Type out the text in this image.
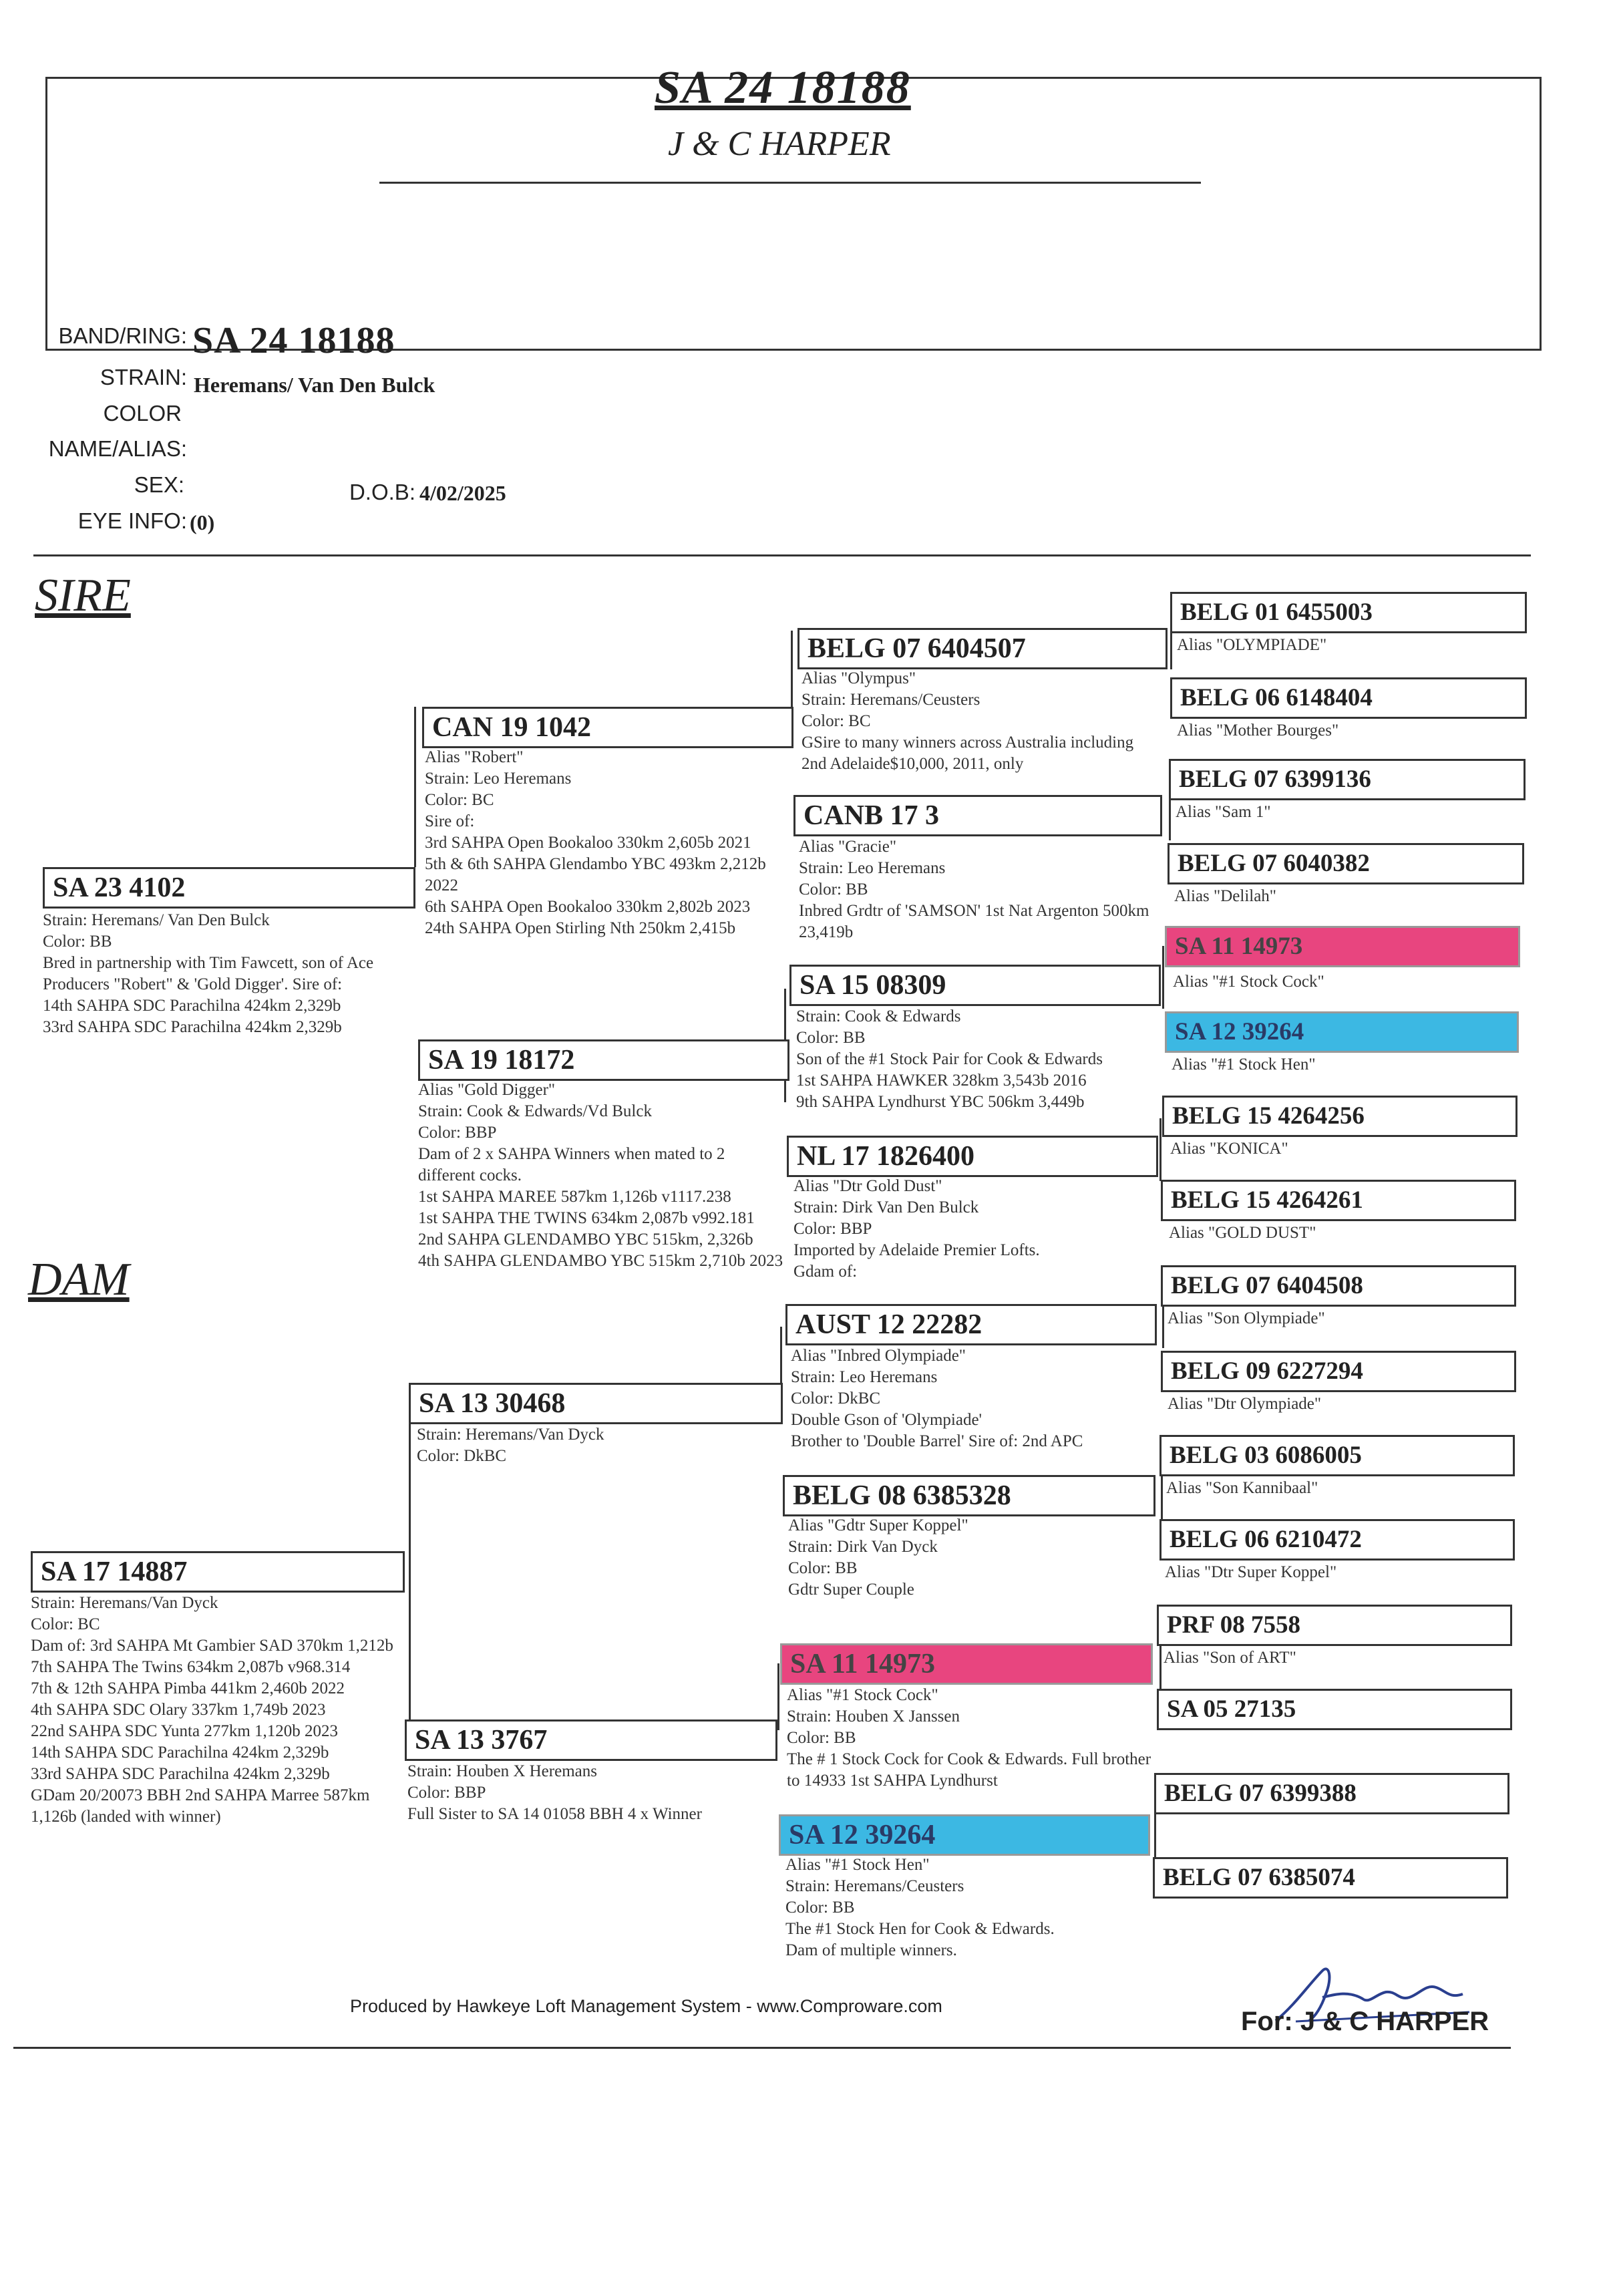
SA 24 18188
J & C HARPER
BAND/RING: SA 24 18188
STRAIN: Heremans/ Van Den Bulck
COLOR
NAME/ALIAS:
SEX:	D.O.B: 4/02/2025
EYE INFO: (0)
SIRE
DAM
SA 23 4102
Strain: Heremans/ Van Den Bulck
Color: BB
Bred in partnership with Tim Fawcett, son of Ace Producers "Robert" & 'Gold Digger'. Sire of:
14th SAHPA SDC Parachilna 424km 2,329b
33rd SAHPA SDC Parachilna 424km 2,329b
SA 17 14887
Strain: Heremans/Van Dyck
Color: BC
Dam of: 3rd SAHPA Mt Gambier SAD 370km 1,212b
7th SAHPA The Twins 634km 2,087b v968.314
7th & 12th SAHPA Pimba 441km 2,460b 2022
4th SAHPA SDC Olary 337km 1,749b 2023
22nd SAHPA SDC Yunta 277km 1,120b 2023
14th SAHPA SDC Parachilna 424km 2,329b
33rd SAHPA SDC Parachilna 424km 2,329b
GDam 20/20073 BBH 2nd SAHPA Marree 587km 1,126b (landed with winner)
CAN 19 1042
Alias "Robert"
Strain: Leo Heremans
Color: BC
Sire of:
3rd SAHPA Open Bookaloo 330km 2,605b 2021
5th & 6th SAHPA Glendambo YBC 493km 2,212b 2022
6th SAHPA Open Bookaloo 330km 2,802b 2023
24th SAHPA Open Stirling Nth 250km 2,415b
SA 19 18172
Alias "Gold Digger"
Strain: Cook & Edwards/Vd Bulck
Color: BBP
Dam of 2 x SAHPA Winners when mated to 2 different cocks.
1st SAHPA MAREE 587km 1,126b v1117.238
1st SAHPA THE TWINS 634km 2,087b v992.181
2nd SAHPA GLENDAMBO YBC 515km, 2,326b
4th SAHPA GLENDAMBO YBC 515km 2,710b 2023
SA 13 30468
Strain: Heremans/Van Dyck
Color: DkBC
SA 13 3767
Strain: Houben X Heremans
Color: BBP
Full Sister to SA 14 01058 BBH 4 x Winner
BELG 07 6404507
Alias "Olympus"
Strain: Heremans/Ceusters
Color: BC
GSire to many winners across Australia including 2nd Adelaide$10,000, 2011, only
CANB 17 3
Alias "Gracie"
Strain: Leo Heremans
Color: BB
Inbred Grdtr of 'SAMSON' 1st Nat Argenton 500km 23,419b
SA 15 08309
Strain: Cook & Edwards
Color: BB
Son of the #1 Stock Pair for Cook & Edwards
1st SAHPA HAWKER 328km 3,543b 2016
9th SAHPA Lyndhurst YBC 506km 3,449b
NL 17 1826400
Alias "Dtr Gold Dust"
Strain: Dirk Van Den Bulck
Color: BBP
Imported by Adelaide Premier Lofts.
Gdam of:
AUST 12 22282
Alias "Inbred Olympiade"
Strain: Leo Heremans
Color: DkBC
Double Gson of 'Olympiade'
Brother to 'Double Barrel' Sire of: 2nd APC
BELG 08 6385328
Alias "Gdtr Super Koppel"
Strain: Dirk Van Dyck
Color: BB
Gdtr Super Couple
SA 11 14973
Alias "#1 Stock Cock"
Strain: Houben X Janssen
Color: BB
The # 1 Stock Cock for Cook & Edwards. Full brother to 14933 1st SAHPA Lyndhurst
SA 12 39264
Alias "#1 Stock Hen"
Strain: Heremans/Ceusters
Color: BB
The #1 Stock Hen for Cook & Edwards.
Dam of multiple winners.
BELG 01 6455003
Alias "OLYMPIADE"
BELG 06 6148404
Alias "Mother Bourges"
BELG 07 6399136
Alias "Sam 1"
BELG 07 6040382
Alias "Delilah"
SA 11 14973
Alias "#1 Stock Cock"
SA 12 39264
Alias "#1 Stock Hen"
BELG 15 4264256
Alias "KONICA"
BELG 15 4264261
Alias "GOLD DUST"
BELG 07 6404508
Alias "Son Olympiade"
BELG 09 6227294
Alias "Dtr Olympiade"
BELG 03 6086005
Alias "Son Kannibaal"
BELG 06 6210472
Alias "Dtr Super Koppel"
PRF 08 7558
Alias "Son of ART"
SA 05 27135
BELG 07 6399388
BELG 07 6385074
Produced by Hawkeye Loft Management System - www.Comproware.com
For: J & C HARPER
